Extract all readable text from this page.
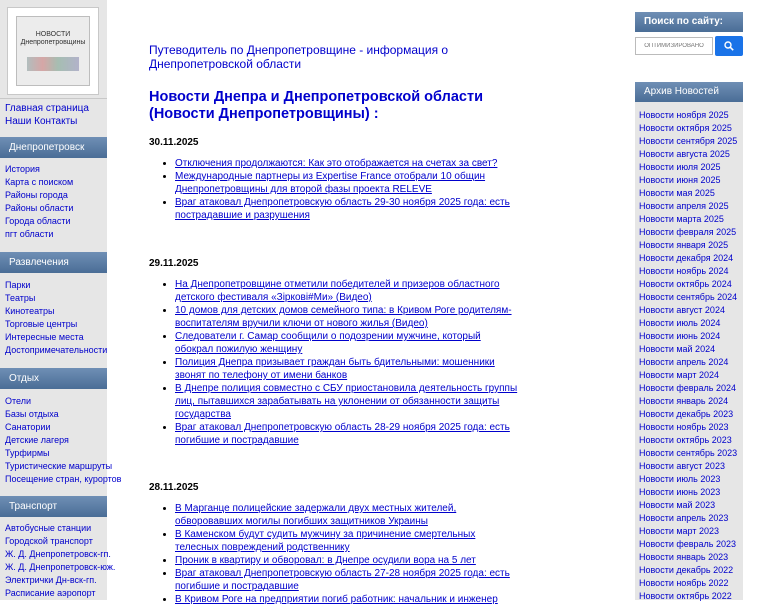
НОВОСТИ
Днепропетровщины
Главная страница
Наши Контакты
Днепропетровск
История
Карта с поиском
Районы города
Районы области
Города области
пгт области
Развлечения
Парки
Театры
Кинотеатры
Торговые центры
Интересные места
Достопримечательности
Отдых
Отели
Базы отдыха
Санатории
Детские лагеря
Турфирмы
Туристические маршруты
Посещение стран, курортов
Транспорт
Автобусные станции
Городской транспорт
Ж. Д. Днепропетровск-гп.
Ж. Д. Днепропетровск-юж.
Электрички Дн-вск-гп.
Расписание аэропорт
Путеводитель по Днепропетровщине - информация о Днепропетровской области
Новости Днепра и Днепропетровской области (Новости Днепропетровщины) :
30.11.2025
• Отключения продолжаются: Как это отображается на счетах за свет?
• Международные партнеры из Expertise France отобрали 10 общин Днепропетровщины для второй фазы проекта RELEVE
• Враг атаковал Днепропетровскую область 29-30 ноября 2025 года: есть пострадавшие и разрушения
29.11.2025
• На Днепропетровщине отметили победителей и призеров областного детского фестиваля «Зіркові#Ми» (Видео)
• 10 домов для детских домов семейного типа: в Кривом Роге родителям-воспитателям вручили ключи от нового жилья (Видео)
• Следователи г. Самар сообщили о подозрении мужчине, который обокрал пожилую женщину
• Полиция Днепра призывает граждан быть бдительными: мошенники звонят по телефону от имени банков
• В Днепре полиция совместно с СБУ приостановила деятельность группы лиц, пытавшихся зарабатывать на уклонении от обязанности защиты государства
• Враг атаковал Днепропетровскую область 28-29 ноября 2025 года: есть погибшие и пострадавшие
28.11.2025
• В Марганце полицейские задержали двух местных жителей, обворовавших могилы погибших защитников Украины
• В Каменском будут судить мужчину за причинение смертельных телесных повреждений родственнику
• Проник в квартиру и обворовал: в Днепре осудили вора на 5 лет
• Враг атаковал Днепропетровскую область 27-28 ноября 2025 года: есть погибшие и пострадавшие
• В Кривом Роге на предприятии погиб работник: начальник и инженер
Поиск по сайту:
ОПТИМИЗИРОВАНО
Архив Новостей
Новости ноября 2025
Новости октября 2025
Новости сентября 2025
Новости августа 2025
Новости июля 2025
Новости июня 2025
Новости мая 2025
Новости апреля 2025
Новости марта 2025
Новости февраля 2025
Новости января 2025
Новости декабря 2024
Новости ноябрь 2024
Новости октябрь 2024
Новости сентябрь 2024
Новости август 2024
Новости июль 2024
Новости июнь 2024
Новости май 2024
Новости апрель 2024
Новости март 2024
Новости февраль 2024
Новости январь 2024
Новости декабрь 2023
Новости ноябрь 2023
Новости октябрь 2023
Новости сентябрь 2023
Новости август 2023
Новости июль 2023
Новости июнь 2023
Новости май 2023
Новости апрель 2023
Новости март 2023
Новости февраль 2023
Новости январь 2023
Новости декабрь 2022
Новости ноябрь 2022
Новости октябрь 2022
